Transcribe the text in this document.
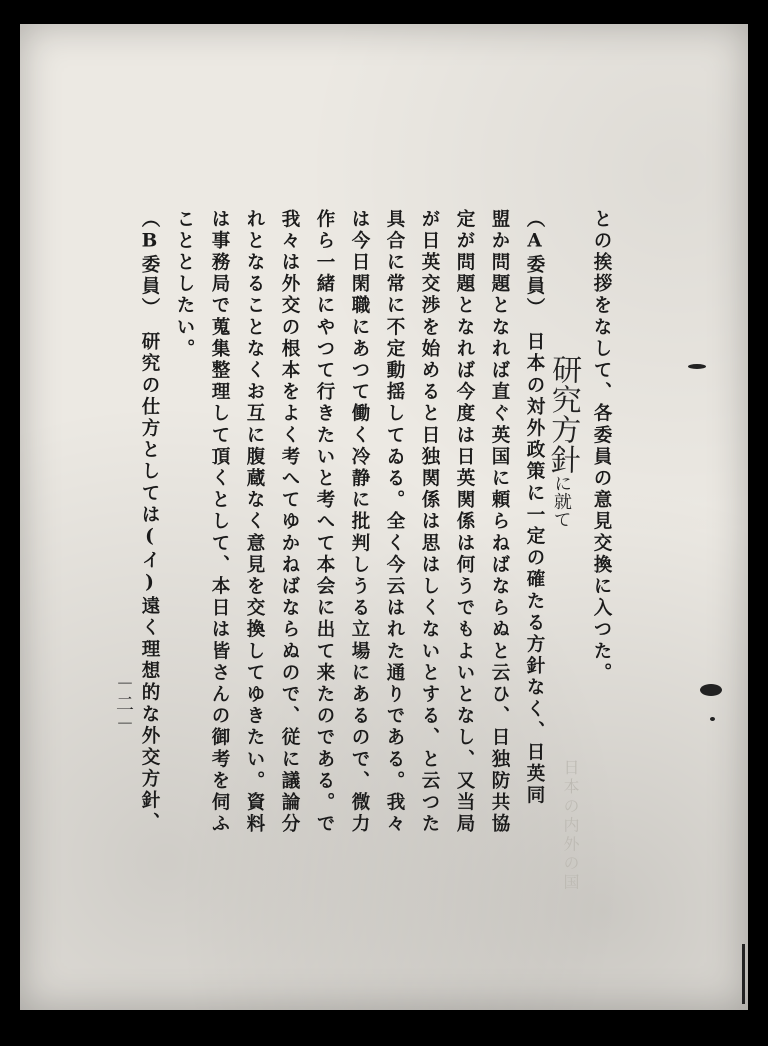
との挨拶をなして、各委員の意見交換に入つた。
日本の内外の国
（A委員）　日本の対外政策に一定の確たる方針なく、日英同
盟か問題となれば直ぐ英国に頼らねばならぬと云ひ、日独防共協
定が問題となれば今度は日英関係は何うでもよいとなし、又当局
が日英交渉を始めると日独関係は思はしくないとする、と云つた
具合に常に不定動揺してゐる。全く今云はれた通りである。我々
は今日閑職にあつて働く冷静に批判しうる立場にあるので、微力
作ら一緒にやつて行きたいと考へて本会に出て来たのである。で
我々は外交の根本をよく考へてゆかねばならぬので、従に議論分
れとなることなくお互に腹蔵なく意見を交換してゆきたい。資料
は事務局で蒐集整理して頂くとして、本日は皆さんの御考を伺ふ
こととしたい。
（B委員）　研究の仕方としては(イ)遠く理想的な外交方針、	研究方針に就て
－二－
